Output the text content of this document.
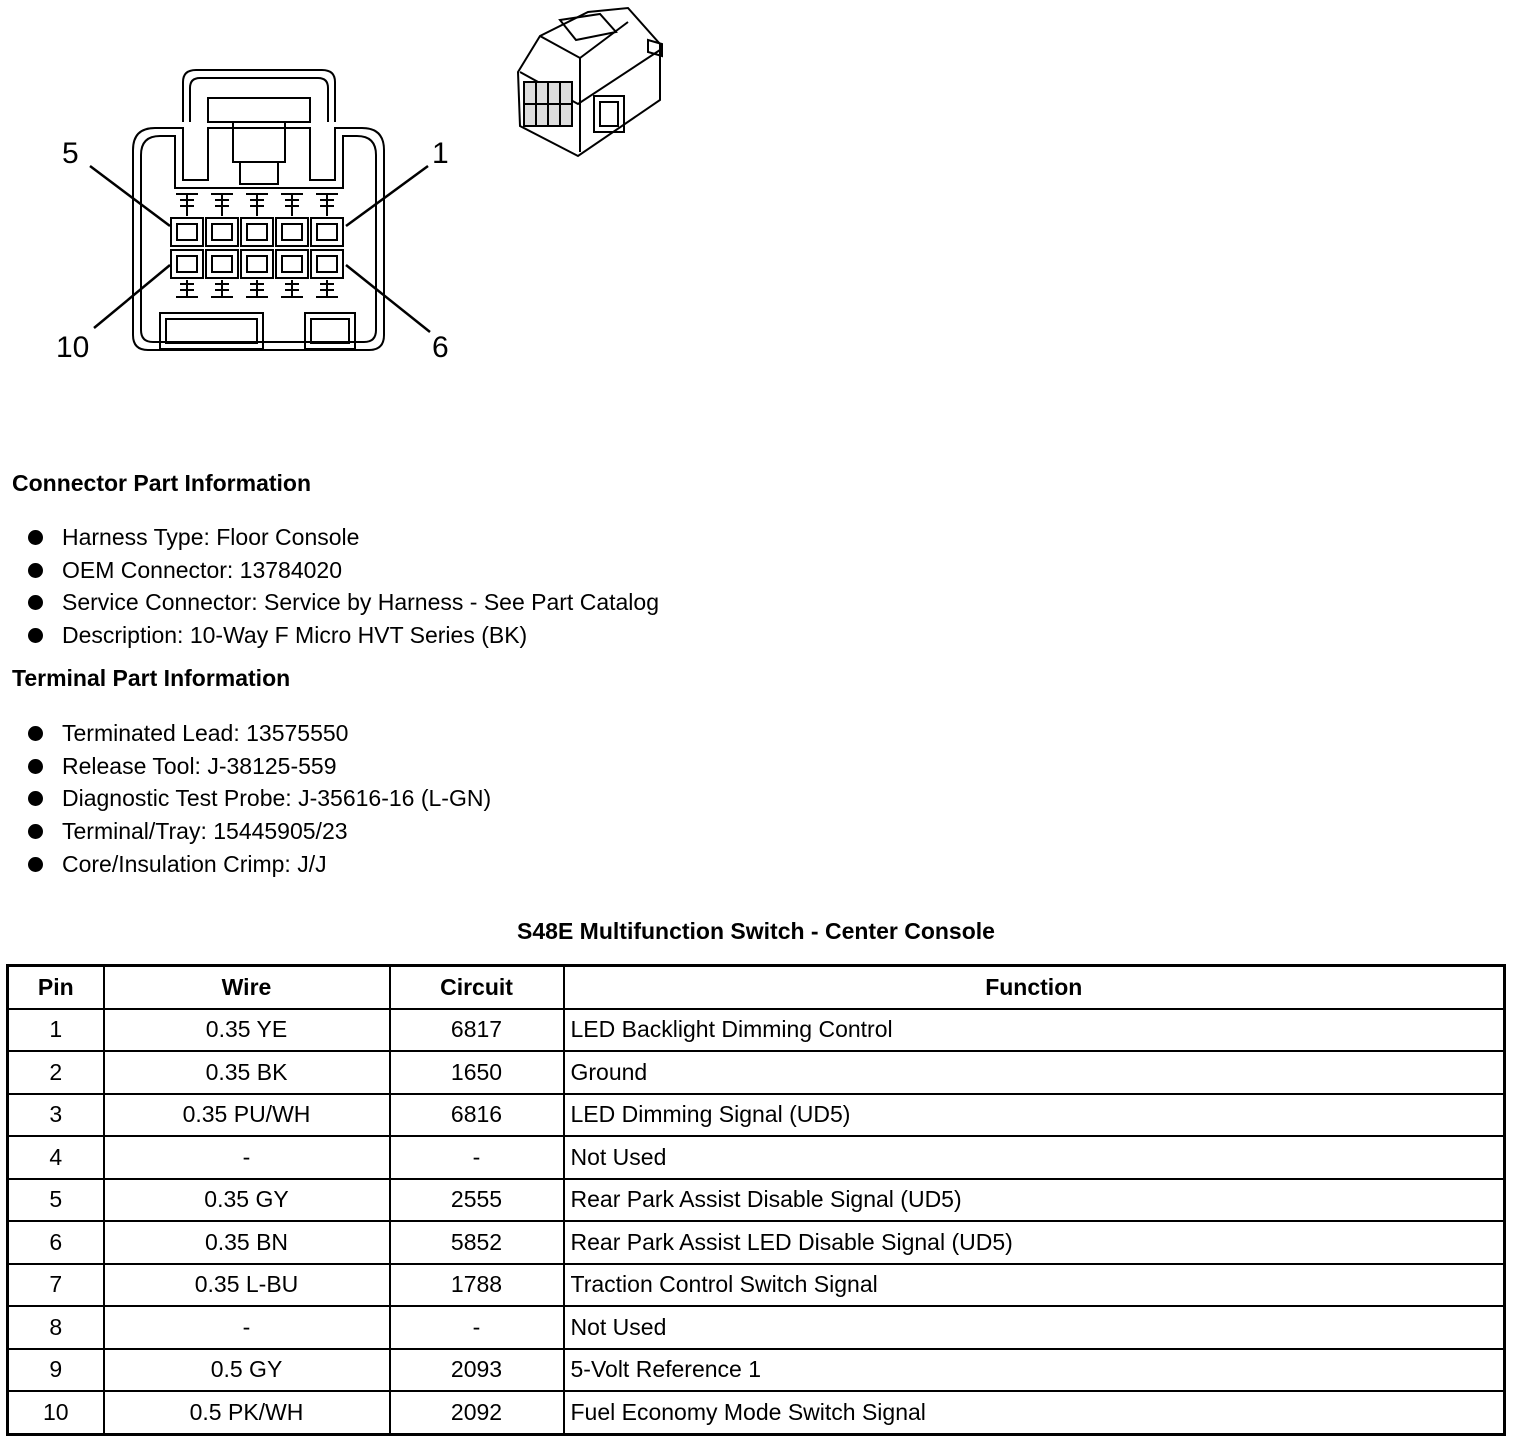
5	1
10	6
Connector Part Information
Harness Type: Floor Console
OEM Connector: 13784020
Service Connector: Service by Harness - See Part Catalog
Description: 10-Way F Micro HVT Series (BK)
Terminal Part Information
Terminated Lead: 13575550
Release Tool: J-38125-559
Diagnostic Test Probe: J-35616-16 (L-GN)
Terminal/Tray: 15445905/23
Core/Insulation Crimp: J/J
S48E Multifunction Switch - Center Console
Pin	Wire	Circuit	Function
1	0.35 YE	6817	LED Backlight Dimming Control
2	0.35 BK	1650	Ground
3	0.35 PU/WH	6816	LED Dimming Signal (UD5)
4	-	-	Not Used
5	0.35 GY	2555	Rear Park Assist Disable Signal (UD5)
6	0.35 BN	5852	Rear Park Assist LED Disable Signal (UD5)
7	0.35 L-BU	1788	Traction Control Switch Signal
8	-	-	Not Used
9	0.5 GY	2093	5-Volt Reference 1
10	0.5 PK/WH	2092	Fuel Economy Mode Switch Signal
